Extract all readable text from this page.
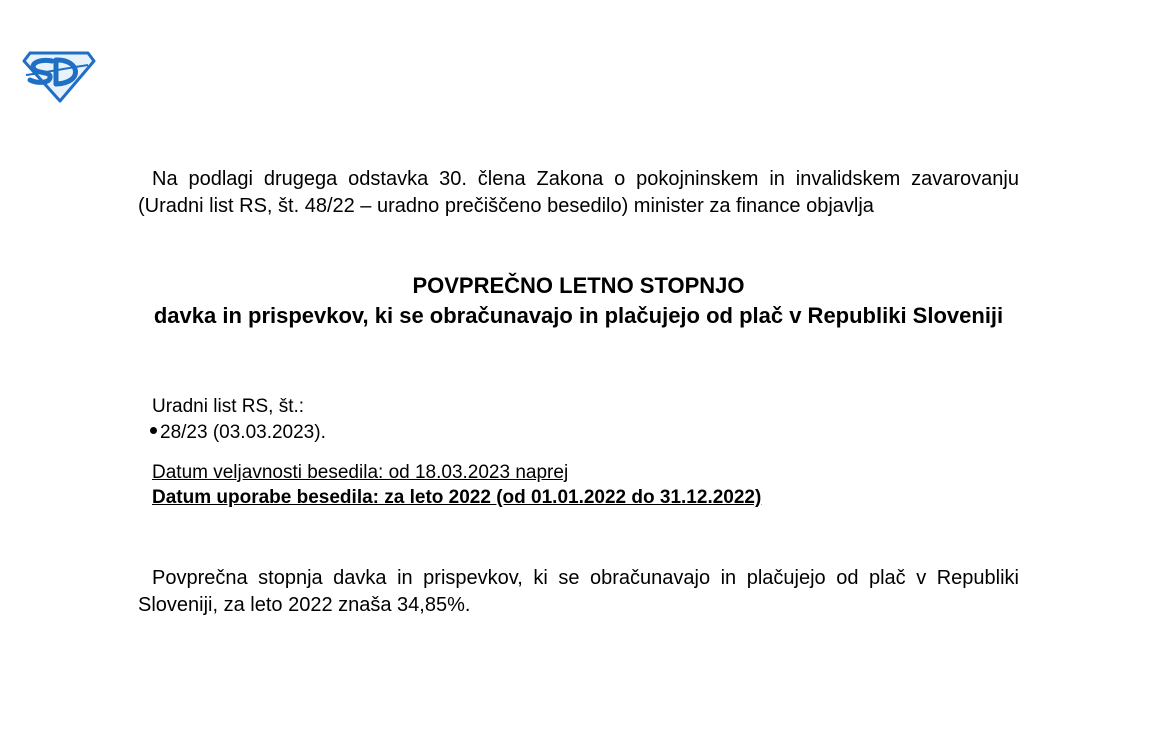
Na podlagi drugega odstavka 30. člena Zakona o pokojninskem in invalidskem zavarovanju (Uradni list RS, št. 48/22 – uradno prečiščeno besedilo) minister za finance objavlja

POVPREČNO LETNO STOPNJO
davka in prispevkov, ki se obračunavajo in plačujejo od plač v Republiki Sloveniji
Uradni list RS, št.:
28/23 (03.03.2023).
Datum veljavnosti besedila: od 18.03.2023 naprej
Datum uporabe besedila: za leto 2022 (od 01.01.2022 do 31.12.2022)

Povprečna stopnja davka in prispevkov, ki se obračunavajo in plačujejo od plač v Republiki Sloveniji, za leto 2022 znaša 34,85%.
